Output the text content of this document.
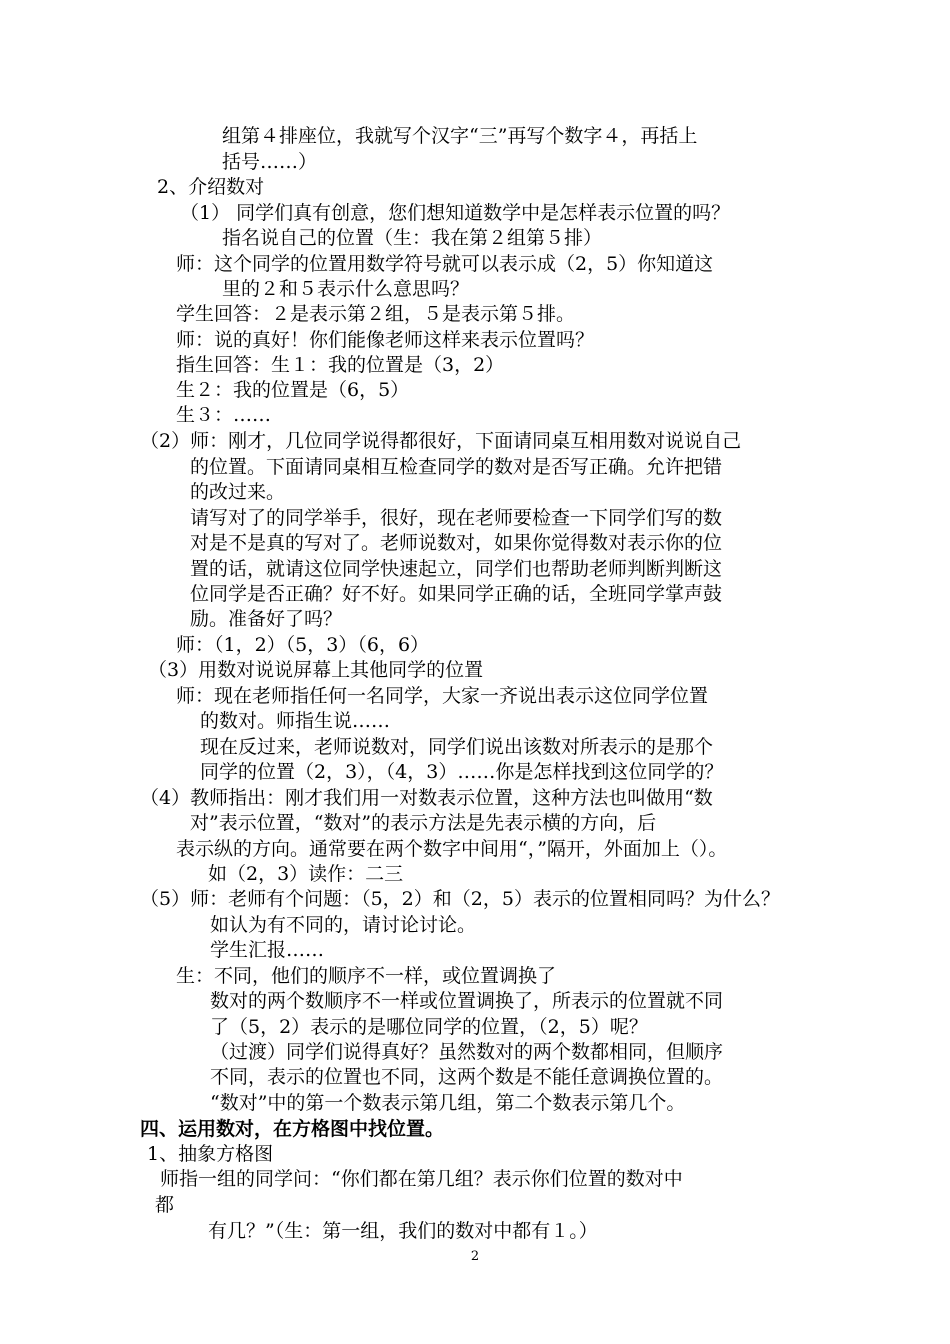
组第４排座位，我就写个汉字“三”再写个数字４，再括上
括号……）
2、介绍数对
（1） 同学们真有创意，您们想知道数学中是怎样表示位置的吗？
指名说自己的位置（生：我在第２组第５排）
师：这个同学的位置用数学符号就可以表示成（2，5）你知道这
里的２和５表示什么意思吗？
学生回答：２是表示第２组，５是表示第５排。
师：说的真好！你们能像老师这样来表示位置吗？
指生回答：生１：我的位置是（3，2）
生２：我的位置是（6，5）
生３：……
（2）师：刚才，几位同学说得都很好，下面请同桌互相用数对说说自己
的位置。下面请同桌相互检查同学的数对是否写正确。允许把错
的改过来。
请写对了的同学举手，很好，现在老师要检查一下同学们写的数
对是不是真的写对了。老师说数对，如果你觉得数对表示你的位
置的话，就请这位同学快速起立，同学们也帮助老师判断判断这
位同学是否正确？好不好。如果同学正确的话，全班同学掌声鼓
励。准备好了吗？
师：（1，2）（5，3）（6，6）
（3）用数对说说屏幕上其他同学的位置
师：现在老师指任何一名同学，大家一齐说出表示这位同学位置
的数对。师指生说……
现在反过来，老师说数对，同学们说出该数对所表示的是那个
同学的位置（2，3），（4，3）……你是怎样找到这位同学的？
（4）教师指出：刚才我们用一对数表示位置，这种方法也叫做用“数
对”表示位置，“数对”的表示方法是先表示横的方向，后
表示纵的方向。通常要在两个数字中间用“，”隔开，外面加上（）。
如（2，3）读作：二三
（5）师：老师有个问题：（5，2）和（2，5）表示的位置相同吗？为什么？
如认为有不同的，请讨论讨论。
学生汇报……
生：不同，他们的顺序不一样，或位置调换了
数对的两个数顺序不一样或位置调换了，所表示的位置就不同
了（5，2）表示的是哪位同学的位置，（2，5）呢？
（过渡）同学们说得真好？虽然数对的两个数都相同，但顺序
不同，表示的位置也不同，这两个数是不能任意调换位置的。
“数对”中的第一个数表示第几组，第二个数表示第几个。
四、运用数对，在方格图中找位置。
1、抽象方格图
师指一组的同学问：“你们都在第几组？表示你们位置的数对中
都
有几？”（生：第一组，我们的数对中都有１。）
2
